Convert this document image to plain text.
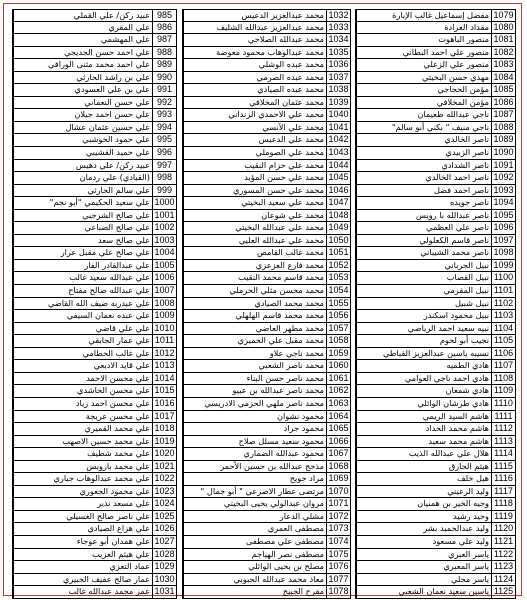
1079
مفضل إسماعيل غالب الإبارة
1080
مقداد العرادة
1081
منصور الباهوت
1082
منصور علي احمد البطاني
1083
منصور علي الزعلي
1084
مهدي حسن البخيتي
1085
مؤمن الحجاجي
1086
مؤمن المخلافي
1087
ناجي عبدالله طعيمان
1088
ناجي منيف " بكني أبو سالم"
1089
ناصر الخالدي
1090
ناصر الزبيدي
1091
ناصر الشدادي
1092
ناصر احمد الخالدي
1093
ناصر احمد فضل
1094
ناصر جويده
1095
ناصر عبدالله با رويس
1096
ناصر علي العظمي
1097
ناصر قاسم الكعلولي
1098
ناصر محمد الشيباني
1099
نبيل الجرباني
1100
نبيل القصاب
1101
نبيل المقرمي
1102
نبيل شبيل
1103
نبيل محمود اسكندر
1104
نبيه سعيد احمد الرياصي
1105
نجيب أبو لحوم
1106
نسيبه ياسين عبدالعزيز القباطي
1107
هادي الطميه
1108
هادي احمد ناجي العوامي
1109
هادي شمعان
1110
هادي طرشان الوائلي
1111
هاشم السيد الريمي
1112
هاشم محمد الحداد
1113
هاشم محمد سعيد
1114
هلال علي عبدالله الذيب
1115
هيثم الحارق
1116
هيل خلف
1117
وليد الرعيني
1118
وجيه الخير بن همنيان
1119
وحيد رشيد
1120
وليد عبدالحميد بشر
1121
وليد علي مسعود
1122
ياسر العبري
1123
ياسر المعبري
1124
ياسر مجلي
1125
ياسين سعيد نعمان الشعبي
1032
محمد عبدالعزيز الدعيس
1033
محمد عبدالعزيز عبدالله الشليف
1034
محمد عبدالله الصلاحي
1035
محمد عبدالوهاب محمود معوضة
1036
محمد عبده الوشلي
1037
محمد عبده الصرمي
1038
محمد عبده الصيادي
1039
محمد عثمان المخلافي
1040
محمد علي الاحمدي الزنداني
1041
محمد علي الآنسي
1042
محمد علي الدعيس
1043
محمد علي الصوملي
1044
محمد علي حزام النقيب
1045
محمد علي حسن المؤيد
1046
محمد علي حسن المسوري
1047
محمد علي سعيد البخيتي
1048
محمد علي شوعان
1049
محمد علي عبدالله البخيتي
1050
محمد علي عبدالله العليي
1051
محمد غالب القامص
1052
محمد فارع العزعزي
1053
محمد قاسم محمد النقيب
1054
محمد محسن مثلي الحرملي
1055
محمد محمد الصيادي
1056
محمد محمد قاسم الهلهلي
1057
محمد مطهر العاضي
1058
محمد مقبل علي الحميري
1059
محمد ناجي علاو
1060
محمد ناصر الشعبي
1061
محمد ناصر حسن البناء
1062
محمد ناصر عبدالله بن عبيو
1063
محمد ناصر ملهي الحزمي الادريسي
1064
محمود نشوان
1065
محمود جراد
1066
محمود سعيد مسلل صلاح
1067
محمود عبدالله الضماري
1068
مذحج عبدالله بن حسين الأحمر
1069
مراد جويح
1070
مرتضى عطار الاضرعي " أبو جمال "
1071
مروان عبدالولي يحيى البخيتي
1072
مشلي الدعار
1073
مصطفى العمري
1074
مصطفى علي مصطفى
1075
مصطفى نصر الهياجم
1076
مصلح بن يحيى الوائلي
1077
معاذ محمد عبدالله الجبوبي
1078
مفرح الجبيح
985
عبيد ركن/ علي القملي
986
علي المقري
987
علي المهشمي
988
علي احمد حسن الجديجي
989
علي احمد محمد مثنى الورافي
990
علي بن راشد الحارثي
991
علي بن علي العسودي
992
علي حسن النعماني
993
علي حسن احمد جيلان
994
علي حسين عثمان عشال
995
علي حمود الحوشبي
996
علي حميد القشيبي
997
عبيد ركن/ علي دهيس
998
(القيادي) علي ردمان
999
علي سالم الحارثي
1000
علي سعيد الحكيمي "أبو نجم"
1001
علي صالح الشرجبي
1002
علي صالح الضباعي
1003
علي صالح سعد
1004
علي صالح علي مقبل عرار
1005
علي عبدالقادر الفار
1006
علي عبدالله سعيد غالب
1007
علي عبدالله صالح مقتاح
1008
علي عبدربه ضيف الله القاضي
1009
علي عبده نعمان السيفي
1010
علي علي قاضي
1011
علي عمار الجابقي
1012
علي غالب الحطامي
1013
علي قايد الادبعي
1014
علي محسن الاحمد
1015
علي محسن الحاشدي
1016
علي محسن احمد زياد
1017
علي محسن عريجة
1018
علي محمد القميري
1019
علي محمد حسين الاصهب
1020
علي محمد شطيف
1021
علي محمد باروبس
1022
علي محمد عبدالوهاب جباري
1023
علي محمود الجعوري
1024
علي مسعد نذير
1025
علي ناصر صالح الغسيلي
1026
علي هزاع الصيادي
1027
علي همدان أبو عوجاء
1028
علي هيثم العزيب
1029
عماد التعزي
1030
عمار صالح عفيف الجبيري
1031
عمر محمد عبدالله غالب
